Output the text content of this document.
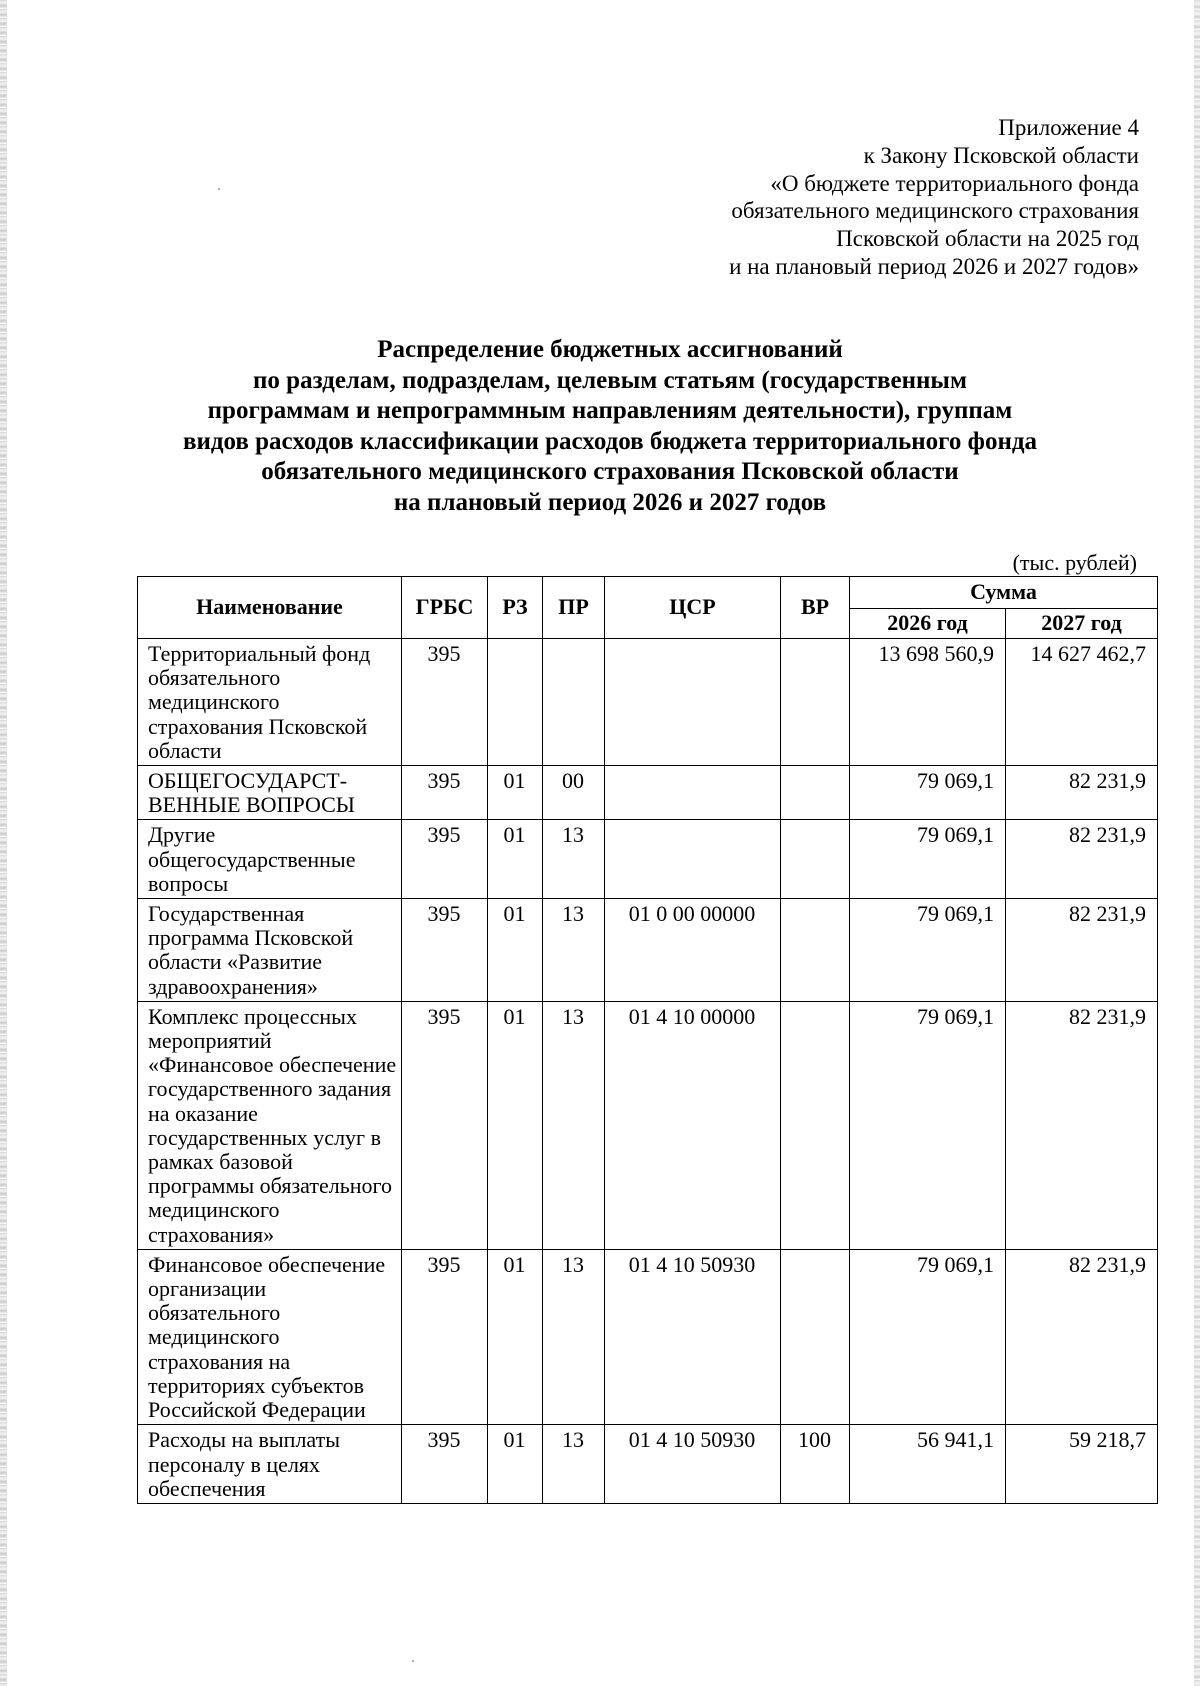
Приложение 4
к Закону Псковской области
«О бюджете территориального фонда
обязательного медицинского страхования
Псковской области на 2025 год
и на плановый период 2026 и 2027 годов»
Распределение бюджетных ассигнований
по разделам, подразделам, целевым статьям (государственным
программам и непрограммным направлениям деятельности), группам
видов расходов классификации расходов бюджета территориального фонда
обязательного медицинского страхования Псковской области
на плановый период 2026 и 2027 годов
(тыс. рублей)
Наименование	ГРБС	РЗ	ПР	ЦСР	ВР	Сумма	
						2026 год	2027 год
Территориальный фонд обязательного медицинского страхования Псковской области	395					13 698 560,9	14 627 462,7
ОБЩЕГОСУДАРСТ-ВЕННЫЕ ВОПРОСЫ	395	01	00			79 069,1	82 231,9
Другие общегосударственные вопросы	395	01	13			79 069,1	82 231,9
Государственная программа Псковской области «Развитие здравоохранения»	395	01	13	01 0 00 00000		79 069,1	82 231,9
Комплекс процессных мероприятий «Финансовое обеспечение государственного задания на оказание государственных услуг в рамках базовой программы обязательного медицинского страхования»	395	01	13	01 4 10 00000		79 069,1	82 231,9
Финансовое обеспечение организации обязательного медицинского страхования на территориях субъектов Российской Федерации	395	01	13	01 4 10 50930		79 069,1	82 231,9
Расходы на выплаты персоналу в целях обеспечения	395	01	13	01 4 10 50930	100	56 941,1	59 218,7
